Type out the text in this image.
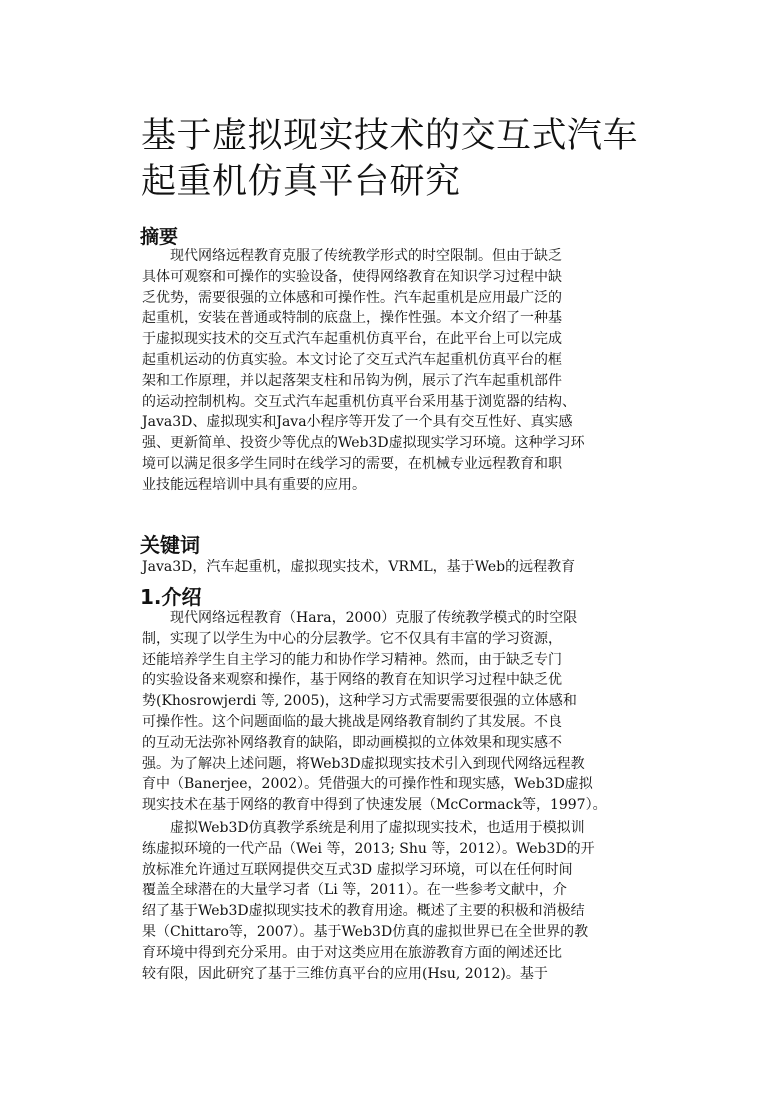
基于虚拟现实技术的交互式汽车
起重机仿真平台研究
摘要
现代网络远程教育克服了传统教学形式的时空限制。但由于缺乏
具体可观察和可操作的实验设备，使得网络教育在知识学习过程中缺
乏优势，需要很强的立体感和可操作性。汽车起重机是应用最广泛的
起重机，安装在普通或特制的底盘上，操作性强。本文介绍了一种基
于虚拟现实技术的交互式汽车起重机仿真平台，在此平台上可以完成
起重机运动的仿真实验。本文讨论了交互式汽车起重机仿真平台的框
架和工作原理，并以起落架支柱和吊钩为例，展示了汽车起重机部件
的运动控制机构。交互式汽车起重机仿真平台采用基于浏览器的结构、
Java3D、虚拟现实和Java小程序等开发了一个具有交互性好、真实感
强、更新简单、投资少等优点的Web3D虚拟现实学习环境。这种学习环
境可以满足很多学生同时在线学习的需要，在机械专业远程教育和职
业技能远程培训中具有重要的应用。
关键词
Java3D，汽车起重机，虚拟现实技术，VRML，基于Web的远程教育
1.介绍
现代网络远程教育（Hara，2000）克服了传统教学模式的时空限
制，实现了以学生为中心的分层教学。它不仅具有丰富的学习资源，
还能培养学生自主学习的能力和协作学习精神。然而，由于缺乏专门
的实验设备来观察和操作，基于网络的教育在知识学习过程中缺乏优
势(Khosrowjerdi 等, 2005)，这种学习方式需要需要很强的立体感和
可操作性。这个问题面临的最大挑战是网络教育制约了其发展。不良
的互动无法弥补网络教育的缺陷，即动画模拟的立体效果和现实感不
强。为了解决上述问题，将Web3D虚拟现实技术引入到现代网络远程教
育中（Banerjee，2002）。凭借强大的可操作性和现实感，Web3D虚拟
现实技术在基于网络的教育中得到了快速发展（McCormack等，1997）。
虚拟Web3D仿真教学系统是利用了虚拟现实技术，也适用于模拟训
练虚拟环境的一代产品（Wei 等，2013; Shu 等，2012）。Web3D的开
放标准允许通过互联网提供交互式3D 虚拟学习环境，可以在任何时间
覆盖全球潜在的大量学习者（Li 等，2011）。在一些参考文献中，介
绍了基于Web3D虚拟现实技术的教育用途。概述了主要的积极和消极结
果（Chittaro等，2007）。基于Web3D仿真的虚拟世界已在全世界的教
育环境中得到充分采用。由于对这类应用在旅游教育方面的阐述还比
较有限，因此研究了基于三维仿真平台的应用(Hsu, 2012)。基于
